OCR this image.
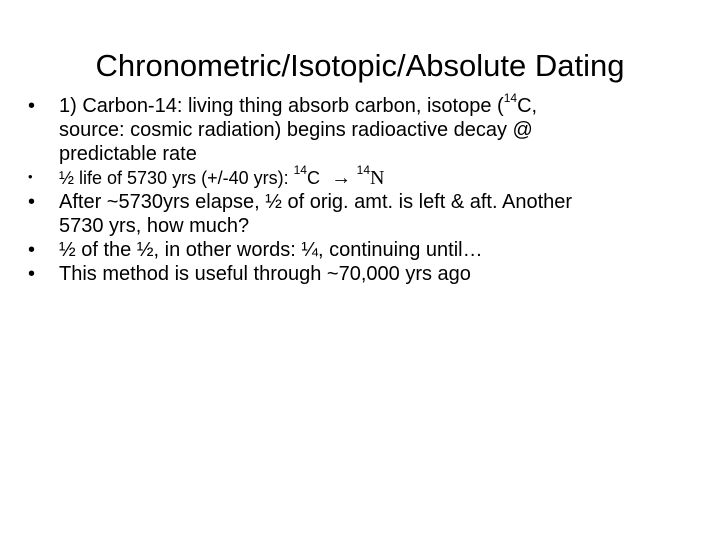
Chronometric/Isotopic/Absolute Dating
• 1) Carbon-14: living thing absorb carbon, isotope ($^{14}$C,
source: cosmic radiation) begins radioactive decay @
predictable rate
• ½ life of 5730 yrs (+/-40 yrs): $^{14}$C → $^{14}$N
• After ~5730yrs elapse, ½ of orig. amt. is left & aft. Another
5730 yrs, how much?
• ½ of the ½, in other words: ¼, continuing until…
• This method is useful through ~70,000 yrs ago
